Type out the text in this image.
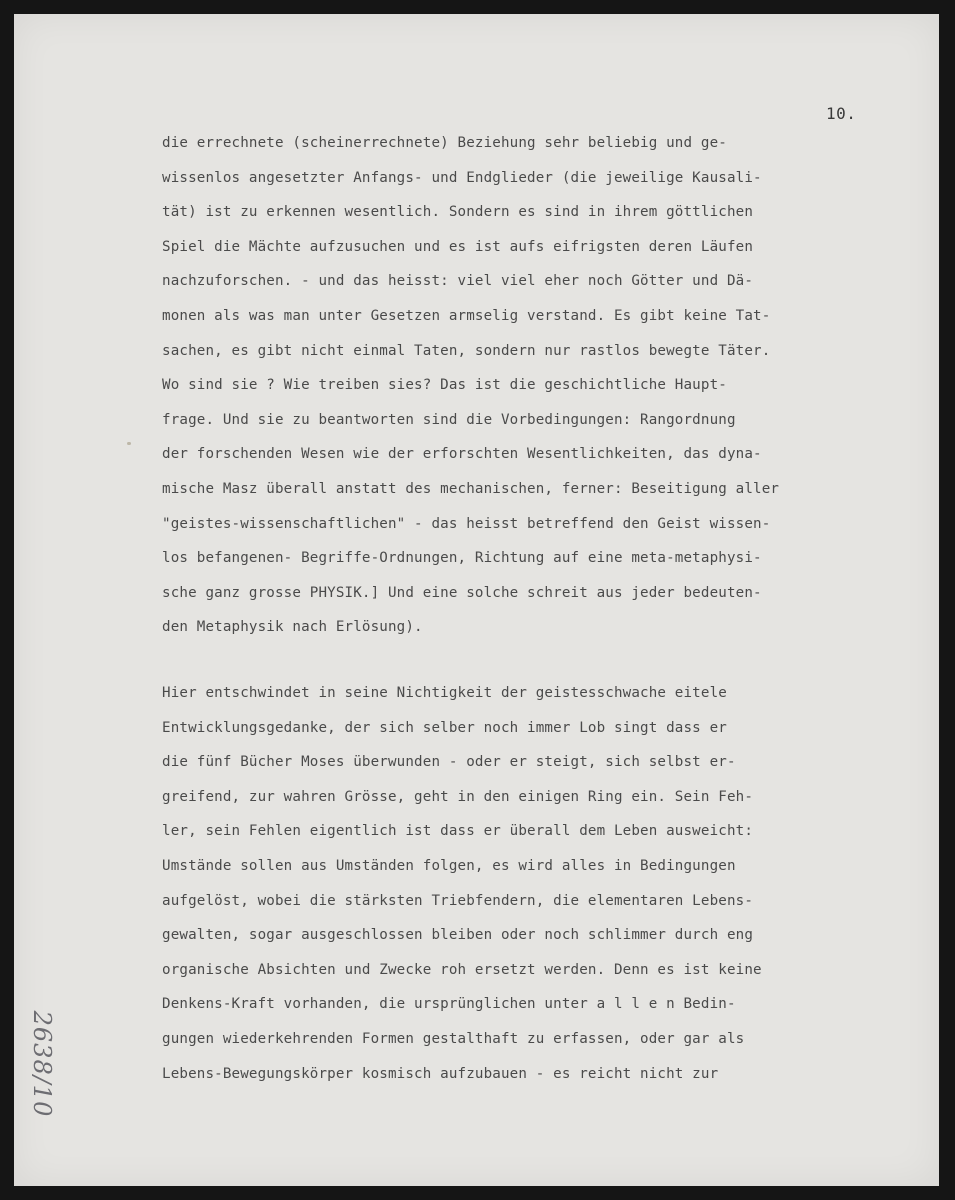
10.
die errechnete (scheinerrechnete) Beziehung sehr beliebig und ge-
wissenlos angesetzter Anfangs- und Endglieder (die jeweilige Kausali-
tät) ist zu erkennen wesentlich. Sondern es sind in ihrem göttlichen
Spiel die Mächte aufzusuchen und es ist aufs eifrigsten deren Läufen
nachzuforschen. - und das heisst: viel viel eher noch Götter und Dä-
monen als was man unter Gesetzen armselig verstand. Es gibt keine Tat-
sachen, es gibt nicht einmal Taten, sondern nur rastlos bewegte Täter.
Wo sind sie ? Wie treiben sies? Das ist die geschichtliche Haupt-
frage. Und sie zu beantworten sind die Vorbedingungen: Rangordnung
der forschenden Wesen wie der erforschten Wesentlichkeiten, das dyna-
mische Masz überall anstatt des mechanischen, ferner: Beseitigung aller
"geistes-wissenschaftlichen" - das heisst betreffend den Geist wissen-
los befangenen- Begriffe-Ordnungen, Richtung auf eine meta-metaphysi-
sche ganz grosse PHYSIK.] Und eine solche schreit aus jeder bedeuten-
den Metaphysik nach Erlösung).
Hier entschwindet in seine Nichtigkeit der geistesschwache eitele
Entwicklungsgedanke, der sich selber noch immer Lob singt dass er
die fünf Bücher Moses überwunden - oder er steigt, sich selbst er-
greifend, zur wahren Grösse, geht in den einigen Ring ein. Sein Feh-
ler, sein Fehlen eigentlich ist dass er überall dem Leben ausweicht:
Umstände sollen aus Umständen folgen, es wird alles in Bedingungen
aufgelöst, wobei die stärksten Triebfendern, die elementaren Lebens-
gewalten, sogar ausgeschlossen bleiben oder noch schlimmer durch eng
organische Absichten und Zwecke roh ersetzt werden. Denn es ist keine
Denkens-Kraft vorhanden, die ursprünglichen unter a l l e n Bedin-
gungen wiederkehrenden Formen gestalthaft zu erfassen, oder gar als
Lebens-Bewegungskörper kosmisch aufzubauen - es reicht nicht zur
2638/10
